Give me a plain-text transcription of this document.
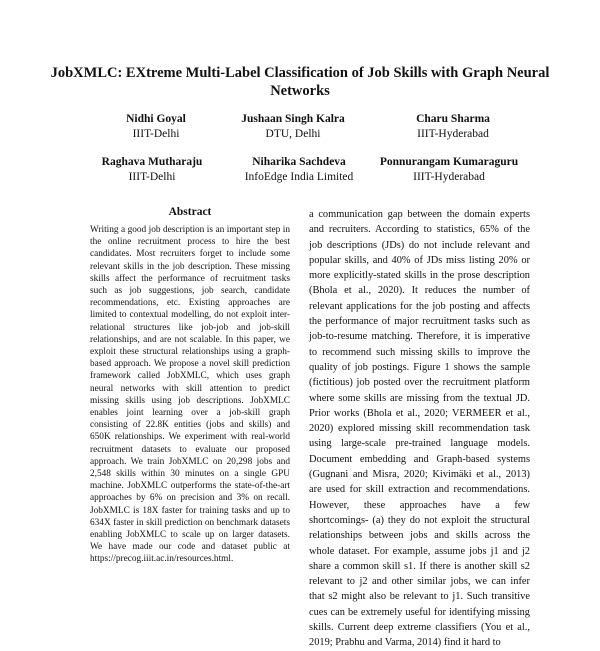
JobXMLC: EXtreme Multi-Label Classification of Job Skills with Graph Neural Networks
Nidhi Goyal
IIIT-Delhi
Jushaan Singh Kalra
DTU, Delhi
Charu Sharma
IIIT-Hyderabad
Raghava Mutharaju
IIIT-Delhi
Niharika Sachdeva
InfoEdge India Limited
Ponnurangam Kumaraguru
IIIT-Hyderabad
Abstract

Writing a good job description is an important step in the online recruitment process to hire the best candidates. Most recruiters forget to include some relevant skills in the job description. These missing skills affect the performance of recruitment tasks such as job suggestions, job search, candidate recommendations, etc. Existing approaches are limited to contextual modelling, do not exploit inter-relational structures like job-job and job-skill relationships, and are not scalable. In this paper, we exploit these structural relationships using a graph-based approach. We propose a novel skill prediction framework called JobXMLC, which uses graph neural networks with skill attention to predict missing skills using job descriptions. JobXMLC enables joint learning over a job-skill graph consisting of 22.8K entities (jobs and skills) and 650K relationships. We experiment with real-world recruitment datasets to evaluate our proposed approach. We train JobXMLC on 20,298 jobs and 2,548 skills within 30 minutes on a single GPU machine. JobXMLC outperforms the state-of-the-art approaches by 6% on precision and 3% on recall. JobXMLC is 18X faster for training tasks and up to 634X faster in skill prediction on benchmark datasets enabling JobXMLC to scale up on larger datasets. We have made our code and dataset public at https://precog.iiit.ac.in/resources.html.

a communication gap between the domain experts and recruiters. According to statistics, 65% of the job descriptions (JDs) do not include relevant and popular skills, and 40% of JDs miss listing 20% or more explicitly-stated skills in the prose description (Bhola et al., 2020). It reduces the number of relevant applications for the job posting and affects the performance of major recruitment tasks such as job-to-resume matching. Therefore, it is imperative to recommend such missing skills to improve the quality of job postings. Figure 1 shows the sample (fictitious) job posted over the recruitment platform where some skills are missing from the textual JD. Prior works (Bhola et al., 2020; VERMEER et al., 2020) explored missing skill recommendation task using large-scale pre-trained language models. Document embedding and Graph-based systems (Gugnani and Misra, 2020; Kivimäki et al., 2013) are used for skill extraction and recommendations. However, these approaches have a few shortcomings- (a) they do not exploit the structural relationships between jobs and skills across the whole dataset. For example, assume jobs j1 and j2 share a common skill s1. If there is another skill s2 relevant to j2 and other similar jobs, we can infer that s2 might also be relevant to j1. Such transitive cues can be extremely useful for identifying missing skills. Current deep extreme classifiers (You et al., 2019; Prabhu and Varma, 2014) find it hard to
